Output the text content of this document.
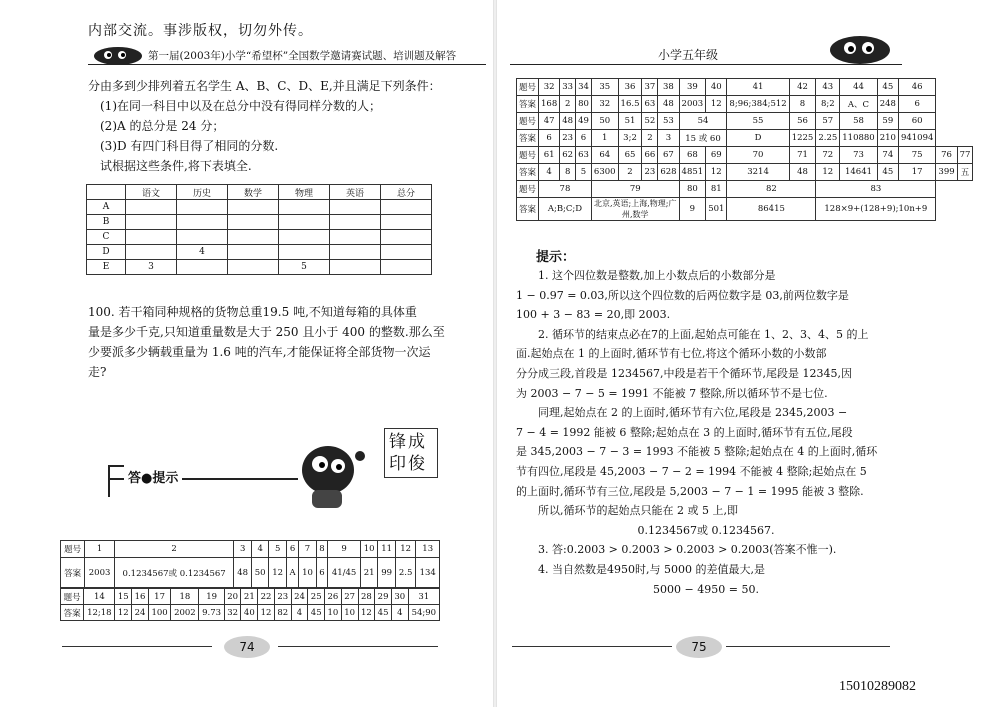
内部交流。事涉版权，切勿外传。
第一届(2003年)小学“希望杯”全国数学邀请赛试题、培训题及解答
分由多到少排列着五名学生 A、B、C、D、E,并且满足下列条件：
(1)在同一科目中以及在总分中没有得同样分数的人；
(2)A 的总分是 24 分；
(3)D 有四门科目得了相同的分数.
试根据这些条件,将下表填全.
	语文	历史	数学	物理	英语	总分
A						
B						
C						
D		4				
E	3			5		
100. 若干箱同种规格的货物总重19.5 吨,不知道每箱的具体重
量是多少千克,只知道重量数是大于 250 且小于 400 的整数.那么至
少要派多少辆载重量为 1.6 吨的汽车,才能保证将全部货物一次运
走?
答●提示
锋成印俊
题号	1	2	3	4	5	6	7	8	9	10	11	12	13
答案	2003	0.1234567或 0.1234567	48	50	12	A	10	6	41/45	21	99	2.5	134
题号	14	15	16	17	18	19	20	21	22	23	24	25	26	27	28	29	30	31
答案	12;18	12	24	100	2002	9.73	32	40	12	82	4	45	10	10	12	45	4	54;90
74
小学五年级
题号	32	33	34	35	36	37	38	39	40	41	42	43	44	45	46		
答案	168	2	80	32	16.5	63	48	2003	12	8;96;384;512	8	8;2	A、C	248	6		
题号	47	48	49	50	51	52	53	54		55	56	57	58	59	60		
答案	6	23	6	1	3;2	2	3	15 或 60		D	1225	2.25	110880	210	941094		
题号	61	62	63	64	65	66	67	68	69	70	71	72	73	74	75	76	77
答案	4	8	5	6300	2	23	628	4851	12	3214	48	12	14641	45	17	399	五
题号	78			79				80	81	82		83					
答案	A;B;C;D			北京,英语;上海,物理;广州,数学				9	501	86415		128×9+(128+9);10n+9					
提示：
1. 这个四位数是整数,加上小数点后的小数部分是
1 − 0.97 = 0.03,所以这个四位数的后两位数字是 03,前两位数字是
100 + 3 − 83 = 20,即 2003.
2. 循环节的结束点必在7的上面,起始点可能在 1、2、3、4、5 的上
面.起始点在 1 的上面时,循环节有七位,将这个循环小数的小数部
分分成三段,首段是 1234567,中段是若干个循环节,尾段是 12345,因
为 2003 − 7 − 5 = 1991 不能被 7 整除,所以循环节不是七位.
同理,起始点在 2 的上面时,循环节有六位,尾段是 2345,2003 −
7 − 4 = 1992 能被 6 整除;起始点在 3 的上面时,循环节有五位,尾段
是 345,2003 − 7 − 3 = 1993 不能被 5 整除;起始点在 4 的上面时,循环
节有四位,尾段是 45,2003 − 7 − 2 = 1994 不能被 4 整除;起始点在 5
的上面时,循环节有三位,尾段是 5,2003 − 7 − 1 = 1995 能被 3 整除.
所以,循环节的起始点只能在 2 或 5 上,即
0.1234567或 0.1234567.
3. 答:0.2003 > 0.2003 > 0.2003 > 0.2003(答案不惟一).
4. 当自然数是4950时,与 5000 的差值最大,是
5000 − 4950 = 50.
75
15010289082
